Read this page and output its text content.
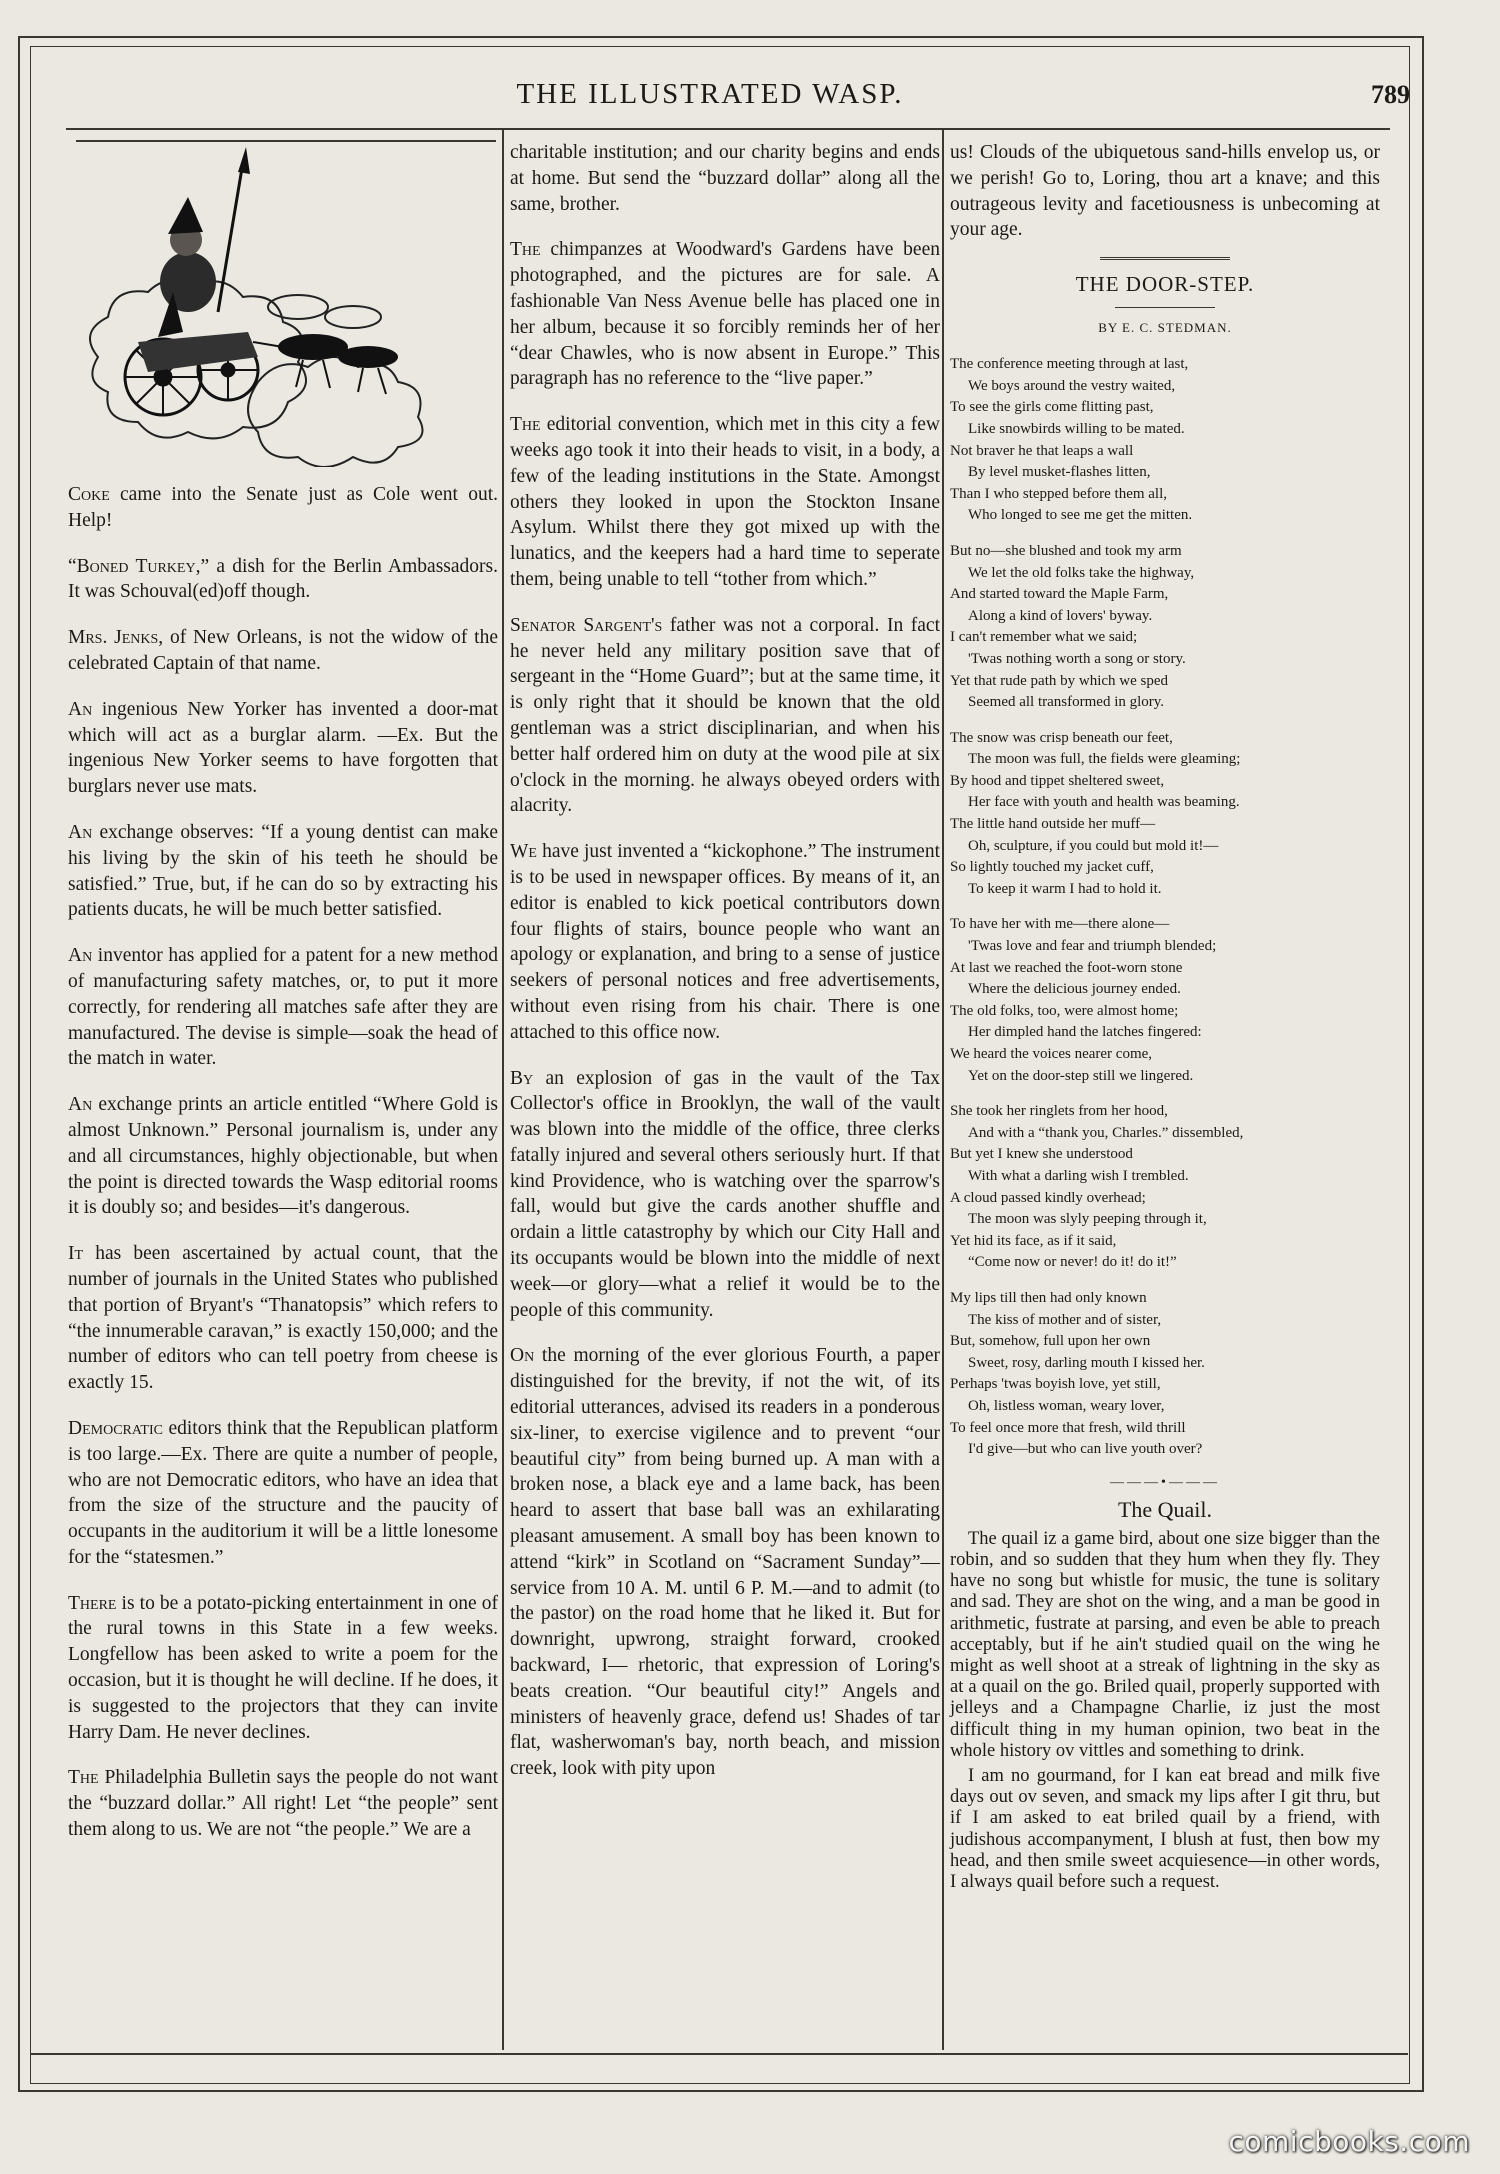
THE ILLUSTRATED WASP.	789

Coke came into the Senate just as Cole went out. Help!

“Boned Turkey,” a dish for the Berlin Ambassadors. It was Schouval(ed)off though.

Mrs. Jenks, of New Orleans, is not the widow of the celebrated Captain of that name.

An ingenious New Yorker has invented a door-mat which will act as a burglar alarm. —Ex. But the ingenious New Yorker seems to have forgotten that burglars never use mats.

An exchange observes: “If a young dentist can make his living by the skin of his teeth he should be satisfied.” True, but, if he can do so by extracting his patients ducats, he will be much better satisfied.

An inventor has applied for a patent for a new method of manufacturing safety matches, or, to put it more correctly, for rendering all matches safe after they are manufactured. The devise is simple—soak the head of the match in water.

An exchange prints an article entitled “Where Gold is almost Unknown.” Personal journalism is, under any and all circumstances, highly objectionable, but when the point is directed towards the Wasp editorial rooms it is doubly so; and besides—it's dangerous.

It has been ascertained by actual count, that the number of journals in the United States who published that portion of Bryant's “Thanatopsis” which refers to “the innumerable caravan,” is exactly 150,000; and the number of editors who can tell poetry from cheese is exactly 15.

Democratic editors think that the Republican platform is too large.—Ex. There are quite a number of people, who are not Democratic editors, who have an idea that from the size of the structure and the paucity of occupants in the auditorium it will be a little lonesome for the “statesmen.”

There is to be a potato-picking entertainment in one of the rural towns in this State in a few weeks. Longfellow has been asked to write a poem for the occasion, but it is thought he will decline. If he does, it is suggested to the projectors that they can invite Harry Dam. He never declines.

The Philadelphia Bulletin says the people do not want the “buzzard dollar.” All right! Let “the people” sent them along to us. We are not “the people.” We are a

charitable institution; and our charity begins and ends at home. But send the “buzzard dollar” along all the same, brother.

The chimpanzes at Woodward's Gardens have been photographed, and the pictures are for sale. A fashionable Van Ness Avenue belle has placed one in her album, because it so forcibly reminds her of her “dear Chawles, who is now absent in Europe.” This paragraph has no reference to the “live paper.”

The editorial convention, which met in this city a few weeks ago took it into their heads to visit, in a body, a few of the leading institutions in the State. Amongst others they looked in upon the Stockton Insane Asylum. Whilst there they got mixed up with the lunatics, and the keepers had a hard time to seperate them, being unable to tell “tother from which.”

Senator Sargent's father was not a corporal. In fact he never held any military position save that of sergeant in the “Home Guard”; but at the same time, it is only right that it should be known that the old gentleman was a strict disciplinarian, and when his better half ordered him on duty at the wood pile at six o'clock in the morning. he always obeyed orders with alacrity.

We have just invented a “kickophone.” The instrument is to be used in newspaper offices. By means of it, an editor is enabled to kick poetical contributors down four flights of stairs, bounce people who want an apology or explanation, and bring to a sense of justice seekers of personal notices and free advertisements, without even rising from his chair. There is one attached to this office now.

By an explosion of gas in the vault of the Tax Collector's office in Brooklyn, the wall of the vault was blown into the middle of the office, three clerks fatally injured and several others seriously hurt. If that kind Providence, who is watching over the sparrow's fall, would but give the cards another shuffle and ordain a little catastrophy by which our City Hall and its occupants would be blown into the middle of next week—or glory—what a relief it would be to the people of this community.

On the morning of the ever glorious Fourth, a paper distinguished for the brevity, if not the wit, of its editorial utterances, advised its readers in a ponderous six-liner, to exercise vigilence and to prevent “our beautiful city” from being burned up. A man with a broken nose, a black eye and a lame back, has been heard to assert that base ball was an exhilarating pleasant amusement. A small boy has been known to attend “kirk” in Scotland on “Sacrament Sunday”—service from 10 A. M. until 6 P. M.—and to admit (to the pastor) on the road home that he liked it. But for downright, upwrong, straight forward, crooked backward, I— rhetoric, that expression of Loring's beats creation. “Our beautiful city!” Angels and ministers of heavenly grace, defend us! Shades of tar flat, washerwoman's bay, north beach, and mission creek, look with pity upon

us! Clouds of the ubiquetous sand-hills envelop us, or we perish! Go to, Loring, thou art a knave; and this outrageous levity and facetiousness is unbecoming at your age.

THE DOOR-STEP.
BY E. C. STEDMAN.
The conference meeting through at last,
We boys around the vestry waited,
To see the girls come flitting past,
Like snowbirds willing to be mated.
Not braver he that leaps a wall
By level musket-flashes litten,
Than I who stepped before them all,
Who longed to see me get the mitten.
But no—she blushed and took my arm
We let the old folks take the highway,
And started toward the Maple Farm,
Along a kind of lovers' byway.
I can't remember what we said;
'Twas nothing worth a song or story.
Yet that rude path by which we sped
Seemed all transformed in glory.
The snow was crisp beneath our feet,
The moon was full, the fields were gleaming;
By hood and tippet sheltered sweet,
Her face with youth and health was beaming.
The little hand outside her muff—
Oh, sculpture, if you could but mold it!—
So lightly touched my jacket cuff,
To keep it warm I had to hold it.
To have her with me—there alone—
'Twas love and fear and triumph blended;
At last we reached the foot-worn stone
Where the delicious journey ended.
The old folks, too, were almost home;
Her dimpled hand the latches fingered:
We heard the voices nearer come,
Yet on the door-step still we lingered.
She took her ringlets from her hood,
And with a “thank you, Charles.” dissembled,
But yet I knew she understood
With what a darling wish I trembled.
A cloud passed kindly overhead;
The moon was slyly peeping through it,
Yet hid its face, as if it said,
“Come now or never! do it! do it!”
My lips till then had only known
The kiss of mother and of sister,
But, somehow, full upon her own
Sweet, rosy, darling mouth I kissed her.
Perhaps 'twas boyish love, yet still,
Oh, listless woman, weary lover,
To feel once more that fresh, wild thrill
I'd give—but who can live youth over?
———•———
The Quail.

The quail iz a game bird, about one size bigger than the robin, and so sudden that they hum when they fly. They have no song but whistle for music, the tune is solitary and sad. They are shot on the wing, and a man be good in arithmetic, fustrate at parsing, and even be able to preach acceptably, but if he ain't studied quail on the wing he might as well shoot at a streak of lightning in the sky as at a quail on the go. Briled quail, properly supported with jelleys and a Champagne Charlie, iz just the most difficult thing in my human opinion, two beat in the whole history ov vittles and something to drink.

I am no gourmand, for I kan eat bread and milk five days out ov seven, and smack my lips after I git thru, but if I am asked to eat briled quail by a friend, with judishous accompanyment, I blush at fust, then bow my head, and then smile sweet acquiesence—in other words, I always quail before such a request.

comicbooks.com
